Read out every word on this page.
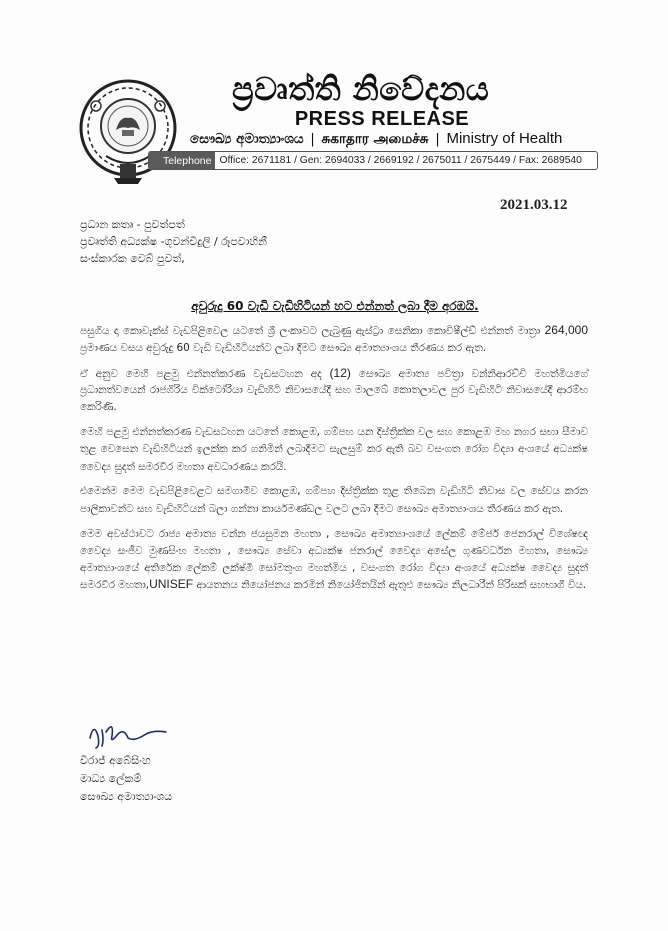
ප්‍රවෘත්ති නිවේදනය
PRESS RELEASE
සෞඛ්‍ය අමාත්‍යාංශය | சுகாதார அமைச்சு | Ministry of Health
Telephone Office: 2671181 / Gen: 2694033 / 2669192 / 2675011 / 2675449 / Fax: 2689540
2021.03.12
ප්‍රධාන කතෘ - පුවත්පත්
ප්‍රවෘත්ති අධ්‍යක්ෂ -ගුවන්විදුලි / රූපවාහිනී
සංස්කාරක වෙබ් පුවත්,
අවුරුදු 60 වැඩි වැඩිහිටියන් හට එන්නත් ලබා දීම අරඹයි.

පසුගිය දා කොවැක්ස් වැඩපිළිවෙල යටතේ ශ්‍රී ලංකාවට ලැබුණු ඇස්ට්‍රා සෙනිකා කොවිෂීල්ඩ් එන්නත් මාත්‍රා 264,000 ප්‍රමාණය වසය අවුරුදු 60 වැඩි වැඩිහිටියන්ට ලබා දීමට සෞඛ්‍ය අමාත්‍යාංශය තීරණය කර ඇත.

ඒ අනුව මෙහි පළමු එන්නත්කරණ වැඩසටහන අද (12) සෞඛ්‍ය අමාත්‍ය පවිත්‍රා වන්නිආරච්චි මහත්මියගේ ප්‍රධානත්වයෙන් රාජගිරිය වික්ටෝරියා වැඩිහිටි නිවාසයේදී සහ මාලබේ කොතලාවල පුර වැඩිහිටි නිවාසයේදී ආරම්භ කෙරිණි.

මෙහි පළමු එන්නත්කරණ වැඩසටහන යටතේ කොළඹ, ගම්පහ යන දිස්ත්‍රික්ක වල සහ කොළඹ මහ නගර සභා සීමාව තුළ වෙසෙන වැඩිහිටියන් ඉලක්ක කර ගනිමින් ලබාදීමට සැලසුම් කර ඇති බව වසංගත රෝග විද්‍යා අංශයේ අධ්‍යක්ෂ වෛද්‍ය සුදත් සමරවීර මහතා අවධාරණය කරයි.

එමෙන්ම මෙම වැඩපිළිවෙළට සමගාමීව කොළඹ, ගම්පහ දිස්ත්‍රික්ක තුළ තිබෙන වැඩිහිටි නිවාස වල සේවය කරන පාලිකාවන්ට සහ වැඩිහිටියන් බලා ගන්නා කාර්යමණ්ඩල වලට ලබා දීමට සෞඛ්‍ය අමාත්‍යාංශය තීරණය කර ඇත.

මෙම අවස්ථාවට රාජ්‍ය අමාත්‍ය චන්න ජයසුමන මහතා , සෞඛ්‍ය අමාත්‍යාංශයේ ලේකම් මේජර් ජෙනරාල් විශේෂඥ වෛද්‍ය සංජීව මුණසිංහ මහතා , සෞඛ්‍ය සේවා අධ්‍යක්ෂ ජනරාල් වෛද්‍ය අසේල ගුණවර්ධන මහතා, සෞඛ්‍ය අමාත්‍යාංශයේ අතිරේක ලේකම් ලක්ෂ්මී සෝමතුංග මහත්මිය , වසංගත රෝග විද්‍යා අංශයේ අධ්‍යක්ෂ වෛද්‍ය සුදත් සමරවීර මහතා,UNISEF ආයතනය නියෝජනය කරමින් නියෝජිතයින් ඇතුළු සෞඛ්‍ය නිලධාරීන් පිරිසක් සහභාගී විය.

විරාජ් අබේසිංහ
මාධ්‍ය ලේකම්
සෞඛ්‍ය අමාත්‍යාංශය
